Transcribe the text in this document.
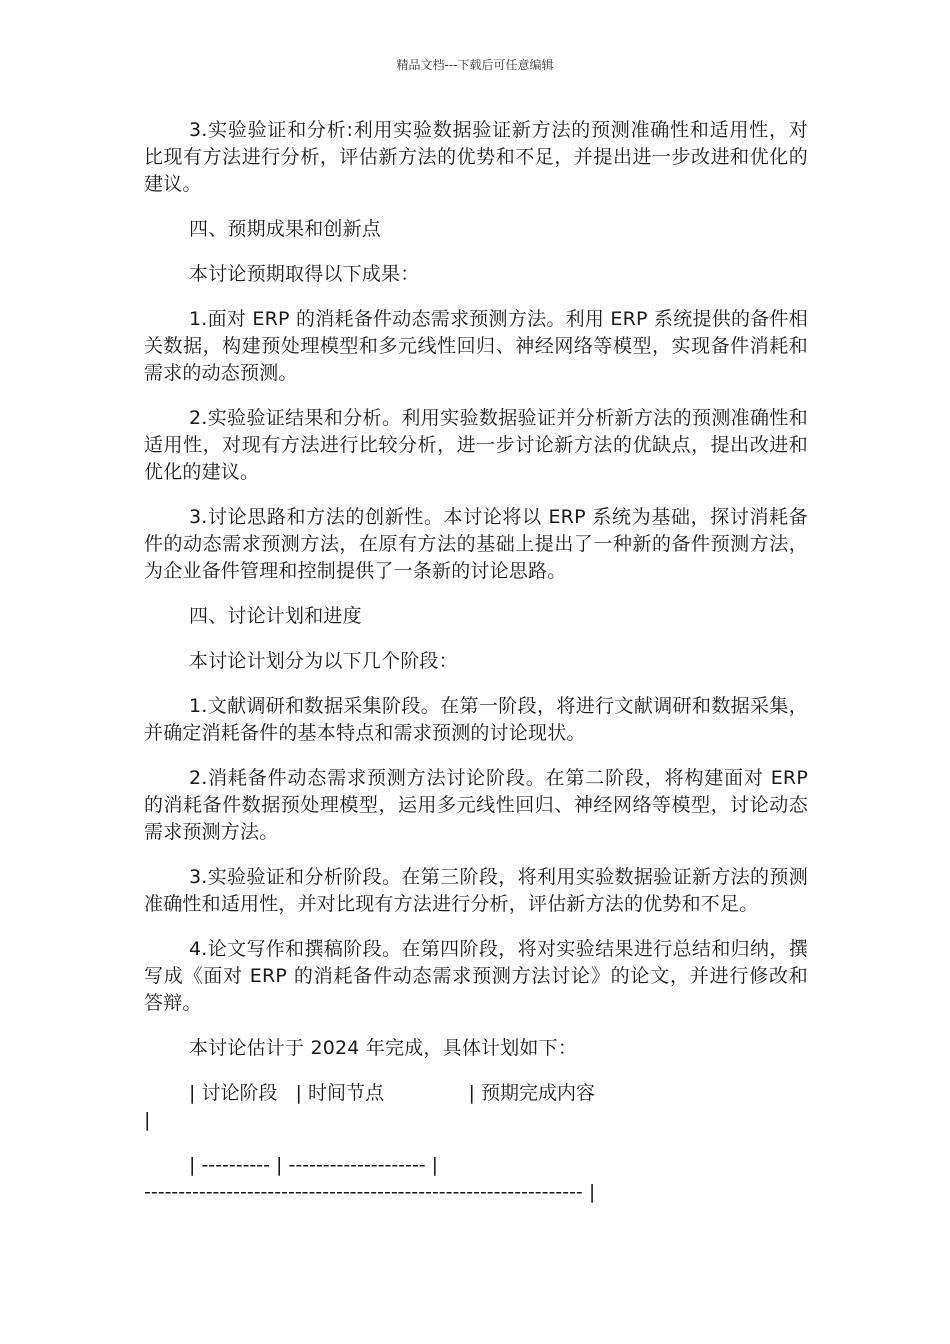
精品文档---下载后可任意编辑

3.实验验证和分析:利用实验数据验证新方法的预测准确性和适用性，对比现有方法进行分析，评估新方法的优势和不足，并提出进一步改进和优化的建议。

四、预期成果和创新点

本讨论预期取得以下成果：

1.面对 ERP 的消耗备件动态需求预测方法。利用 ERP 系统提供的备件相关数据，构建预处理模型和多元线性回归、神经网络等模型，实现备件消耗和需求的动态预测。

2.实验验证结果和分析。利用实验数据验证并分析新方法的预测准确性和适用性，对现有方法进行比较分析，进一步讨论新方法的优缺点，提出改进和优化的建议。

3.讨论思路和方法的创新性。本讨论将以 ERP 系统为基础，探讨消耗备件的动态需求预测方法，在原有方法的基础上提出了一种新的备件预测方法，为企业备件管理和控制提供了一条新的讨论思路。

四、讨论计划和进度

本讨论计划分为以下几个阶段：

1.文献调研和数据采集阶段。在第一阶段，将进行文献调研和数据采集，并确定消耗备件的基本特点和需求预测的讨论现状。

2.消耗备件动态需求预测方法讨论阶段。在第二阶段，将构建面对 ERP 的消耗备件数据预处理模型，运用多元线性回归、神经网络等模型，讨论动态需求预测方法。

3.实验验证和分析阶段。在第三阶段，将利用实验数据验证新方法的预测准确性和适用性，并对比现有方法进行分析，评估新方法的优势和不足。

4.论文写作和撰稿阶段。在第四阶段，将对实验结果进行总结和归纳，撰写成《面对 ERP 的消耗备件动态需求预测方法讨论》的论文，并进行修改和答辩。

本讨论估计于 2024 年完成，具体计划如下：

| 讨论阶段   | 时间节点              | 预期完成内容
|
| ---------- | -------------------- |
---------------------------------------------------------------- |
